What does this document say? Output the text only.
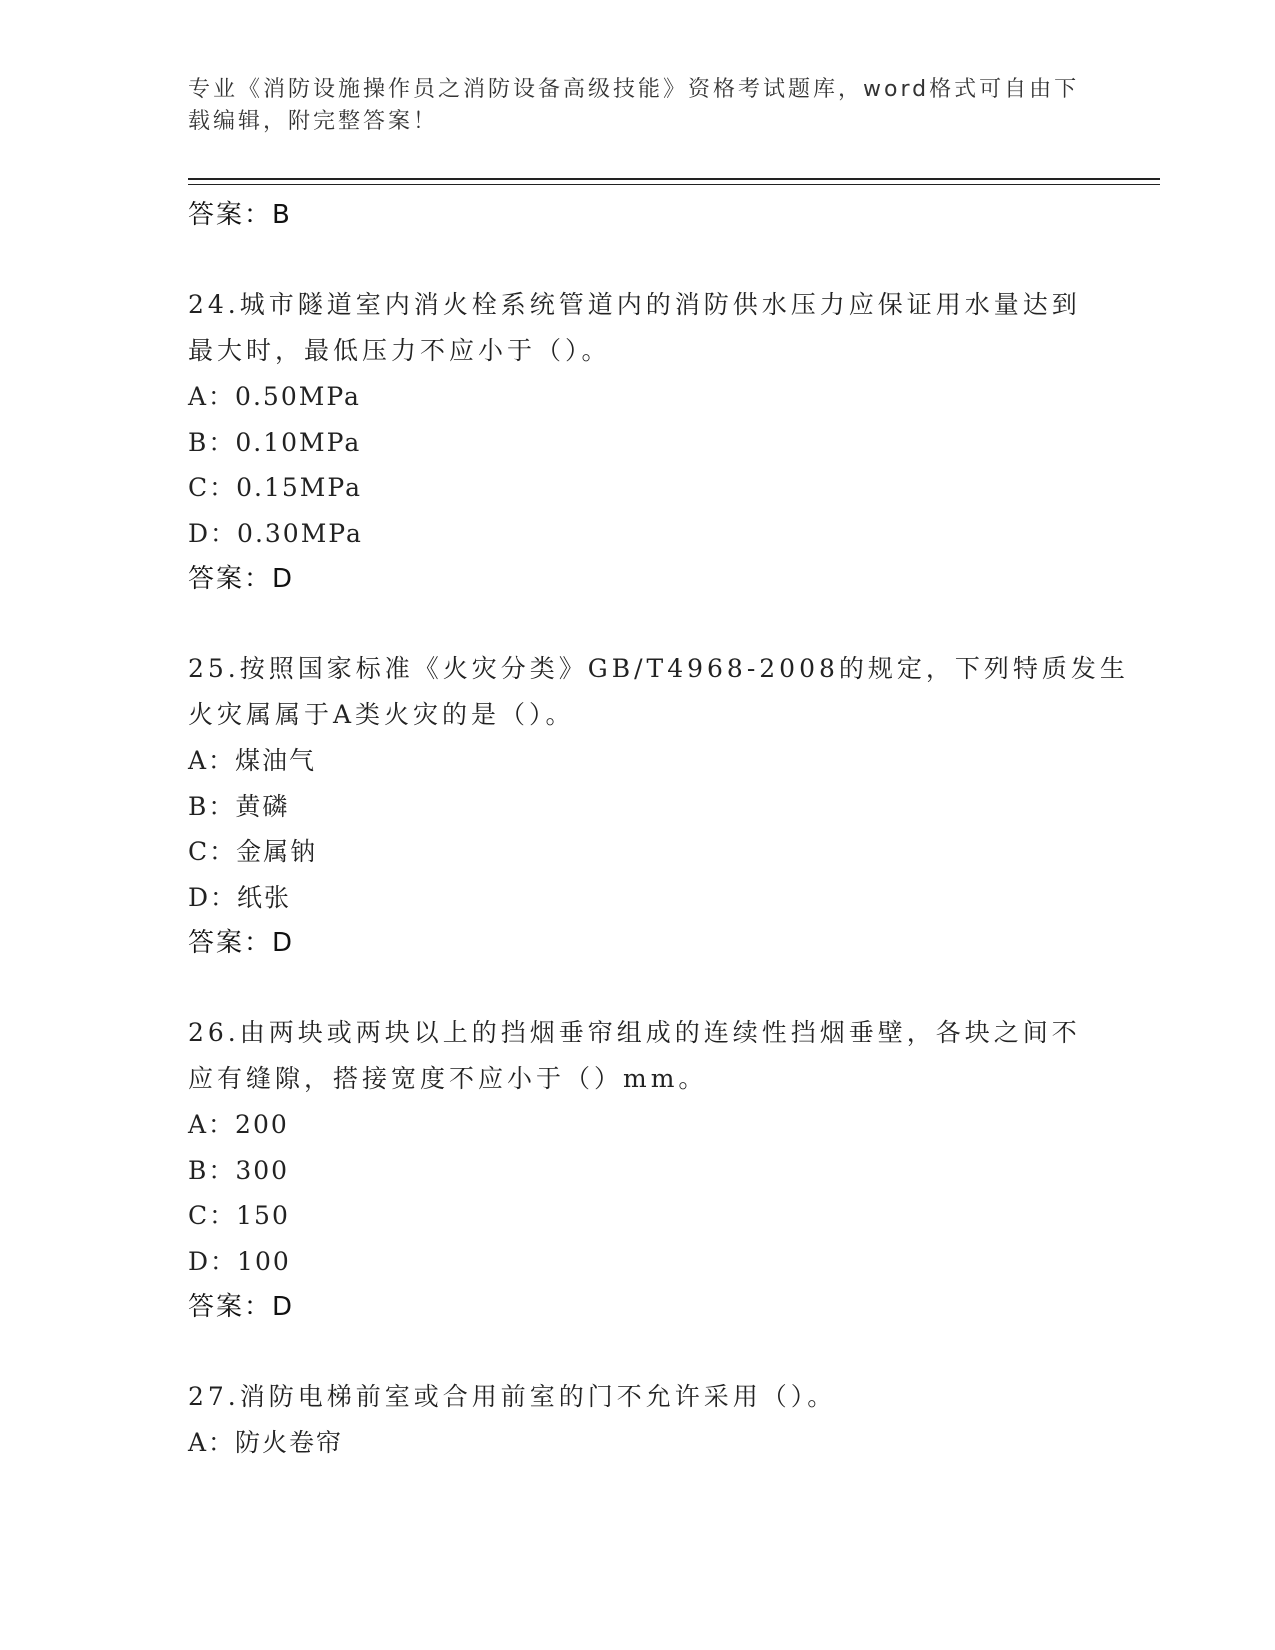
专业《消防设施操作员之消防设备高级技能》资格考试题库，word格式可自由下
载编辑，附完整答案！
答案：B
24.城市隧道室内消火栓系统管道内的消防供水压力应保证用水量达到
最大时，最低压力不应小于（）。
A：0.50MPa
B：0.10MPa
C：0.15MPa
D：0.30MPa
答案：D
25.按照国家标准《火灾分类》GB/T4968-2008的规定，下列特质发生
火灾属属于A类火灾的是（）。
A：煤油气
B：黄磷
C：金属钠
D：纸张
答案：D
26.由两块或两块以上的挡烟垂帘组成的连续性挡烟垂壁，各块之间不
应有缝隙，搭接宽度不应小于（）mm。
A：200
B：300
C：150
D：100
答案：D
27.消防电梯前室或合用前室的门不允许采用（）。
A：防火卷帘
